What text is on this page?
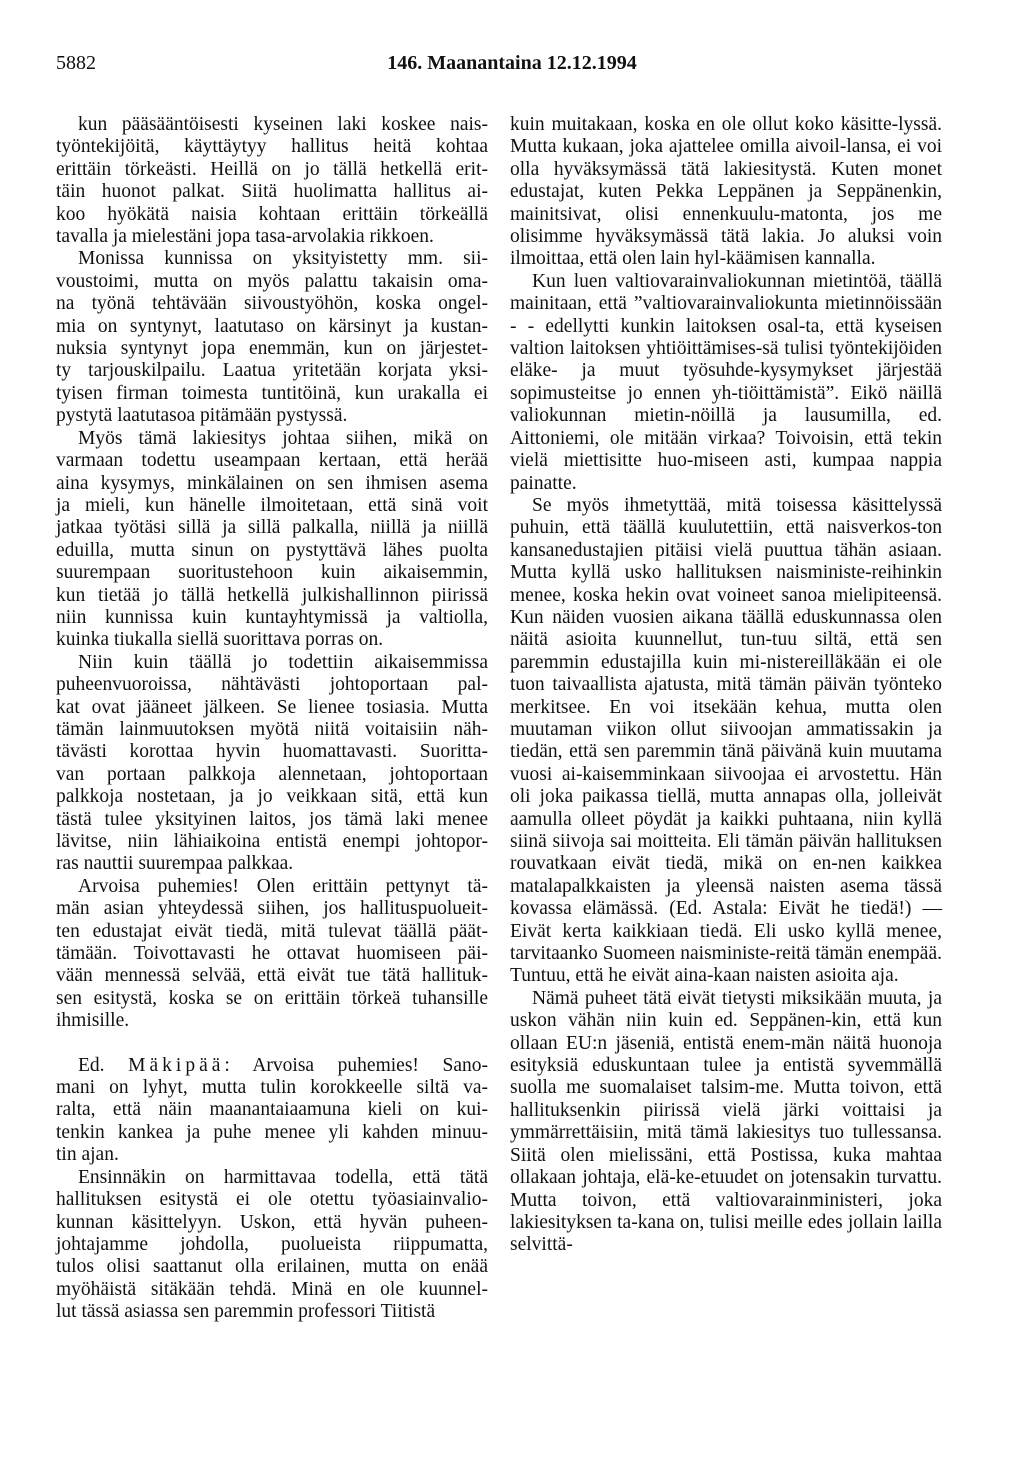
5882	146. Maanantaina 12.12.1994
kun pääsääntöisesti kyseinen laki koskee nais-
työntekijöitä, käyttäytyy hallitus heitä kohtaa
erittäin törkeästi. Heillä on jo tällä hetkellä erit-
täin huonot palkat. Siitä huolimatta hallitus ai-
koo hyökätä naisia kohtaan erittäin törkeällä
tavalla ja mielestäni jopa tasa-arvolakia rikkoen.
Monissa kunnissa on yksityistetty mm. sii-
voustoimi, mutta on myös palattu takaisin oma-
na työnä tehtävään siivoustyöhön, koska ongel-
mia on syntynyt, laatutaso on kärsinyt ja kustan-
nuksia syntynyt jopa enemmän, kun on järjestet-
ty tarjouskilpailu. Laatua yritetään korjata yksi-
tyisen firman toimesta tuntitöinä, kun urakalla ei
pystytä laatutasoa pitämään pystyssä.
Myös tämä lakiesitys johtaa siihen, mikä on
varmaan todettu useampaan kertaan, että herää
aina kysymys, minkälainen on sen ihmisen asema
ja mieli, kun hänelle ilmoitetaan, että sinä voit
jatkaa työtäsi sillä ja sillä palkalla, niillä ja niillä
eduilla, mutta sinun on pystyttävä lähes puolta
suurempaan suoritustehoon kuin aikaisemmin,
kun tietää jo tällä hetkellä julkishallinnon piirissä
niin kunnissa kuin kuntayhtymissä ja valtiolla,
kuinka tiukalla siellä suorittava porras on.
Niin kuin täällä jo todettiin aikaisemmissa
puheenvuoroissa, nähtävästi johtoportaan pal-
kat ovat jääneet jälkeen. Se lienee tosiasia. Mutta
tämän lainmuutoksen myötä niitä voitaisiin näh-
tävästi korottaa hyvin huomattavasti. Suoritta-
van portaan palkkoja alennetaan, johtoportaan
palkkoja nostetaan, ja jo veikkaan sitä, että kun
tästä tulee yksityinen laitos, jos tämä laki menee
lävitse, niin lähiaikoina entistä enempi johtopor-
ras nauttii suurempaa palkkaa.
Arvoisa puhemies! Olen erittäin pettynyt tä-
män asian yhteydessä siihen, jos hallituspuolueit-
ten edustajat eivät tiedä, mitä tulevat täällä päät-
tämään. Toivottavasti he ottavat huomiseen päi-
vään mennessä selvää, että eivät tue tätä hallituk-
sen esitystä, koska se on erittäin törkeä tuhansille
ihmisille.
Ed. Mäkipää: Arvoisa puhemies! Sano-
mani on lyhyt, mutta tulin korokkeelle siltä va-
ralta, että näin maanantaiaamuna kieli on kui-
tenkin kankea ja puhe menee yli kahden minuu-
tin ajan.
Ensinnäkin on harmittavaa todella, että tätä
hallituksen esitystä ei ole otettu työasiainvalio-
kunnan käsittelyyn. Uskon, että hyvän puheen-
johtajamme johdolla, puolueista riippumatta,
tulos olisi saattanut olla erilainen, mutta on enää
myöhäistä sitäkään tehdä. Minä en ole kuunnel-
lut tässä asiassa sen paremmin professori Tiitistä

kuin muitakaan, koska en ole ollut koko käsitte-lyssä. Mutta kukaan, joka ajattelee omilla aivoil-lansa, ei voi olla hyväksymässä tätä lakiesitystä. Kuten monet edustajat, kuten Pekka Leppänen ja Seppänenkin, mainitsivat, olisi ennenkuulu-matonta, jos me olisimme hyväksymässä tätä lakia. Jo aluksi voin ilmoittaa, että olen lain hyl-käämisen kannalla.

Kun luen valtiovarainvaliokunnan mietintöä, täällä mainitaan, että ”valtiovarainvaliokunta mietinnöissään - - edellytti kunkin laitoksen osal-ta, että kyseisen valtion laitoksen yhtiöittämises-sä tulisi työntekijöiden eläke- ja muut työsuhde-kysymykset järjestää sopimusteitse jo ennen yh-tiöittämistä”. Eikö näillä valiokunnan mietin-nöillä ja lausumilla, ed. Aittoniemi, ole mitään virkaa? Toivoisin, että tekin vielä miettisitte huo-miseen asti, kumpaa nappia painatte.

Se myös ihmetyttää, mitä toisessa käsittelyssä puhuin, että täällä kuulutettiin, että naisverkos-ton kansanedustajien pitäisi vielä puuttua tähän asiaan. Mutta kyllä usko hallituksen naisministe-reihinkin menee, koska hekin ovat voineet sanoa mielipiteensä. Kun näiden vuosien aikana täällä eduskunnassa olen näitä asioita kuunnellut, tun-tuu siltä, että sen paremmin edustajilla kuin mi-nistereilläkään ei ole tuon taivaallista ajatusta, mitä tämän päivän työnteko merkitsee. En voi itsekään kehua, mutta olen muutaman viikon ollut siivoojan ammatissakin ja tiedän, että sen paremmin tänä päivänä kuin muutama vuosi ai-kaisemminkaan siivoojaa ei arvostettu. Hän oli joka paikassa tiellä, mutta annapas olla, jolleivät aamulla olleet pöydät ja kaikki puhtaana, niin kyllä siinä siivoja sai moitteita. Eli tämän päivän hallituksen rouvatkaan eivät tiedä, mikä on en-nen kaikkea matalapalkkaisten ja yleensä naisten asema tässä kovassa elämässä. (Ed. Astala: Eivät he tiedä!) — Eivät kerta kaikkiaan tiedä. Eli usko kyllä menee, tarvitaanko Suomeen naisministe-reitä tämän enempää. Tuntuu, että he eivät aina-kaan naisten asioita aja.

Nämä puheet tätä eivät tietysti miksikään muuta, ja uskon vähän niin kuin ed. Seppänen-kin, että kun ollaan EU:n jäseniä, entistä enem-män näitä huonoja esityksiä eduskuntaan tulee ja entistä syvemmällä suolla me suomalaiset talsim-me. Mutta toivon, että hallituksenkin piirissä vielä järki voittaisi ja ymmärrettäisiin, mitä tämä lakiesitys tuo tullessansa. Siitä olen mielissäni, että Postissa, kuka mahtaa ollakaan johtaja, elä-ke-etuudet on jotensakin turvattu. Mutta toivon, että valtiovarainministeri, joka lakiesityksen ta-kana on, tulisi meille edes jollain lailla selvittä-
